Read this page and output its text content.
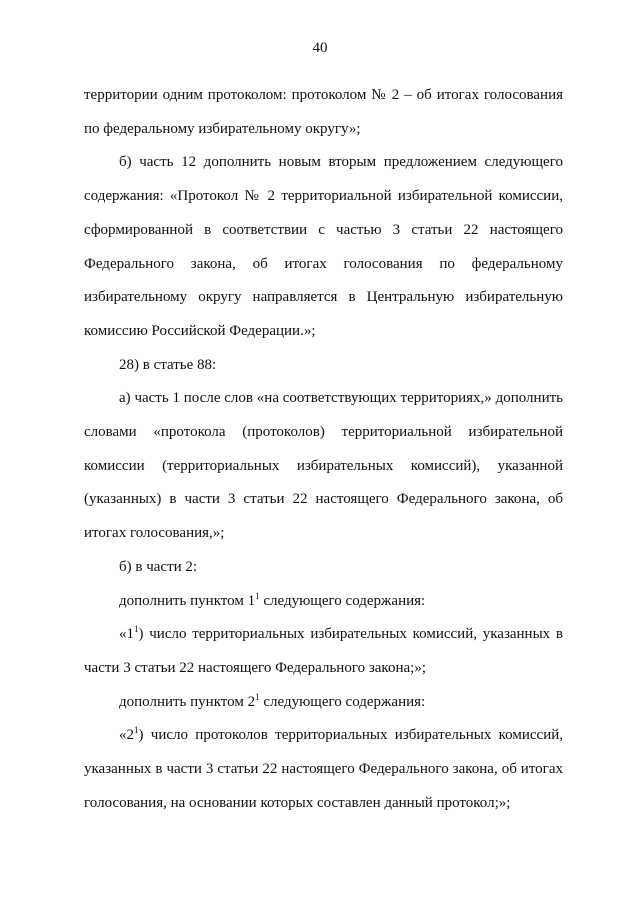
40

территории одним протоколом: протоколом № 2 – об итогах голосования по федеральному избирательному округу»;

б) часть 12 дополнить новым вторым предложением следующего содержания: «Протокол № 2 территориальной избирательной комиссии, сформированной в соответствии с частью 3 статьи 22 настоящего Федерального закона, об итогах голосования по федеральному избирательному округу направляется в Центральную избирательную комиссию Российской Федерации.»;

28) в статье 88:

а) часть 1 после слов «на соответствующих территориях,» дополнить словами «протокола (протоколов) территориальной избирательной комиссии (территориальных избирательных комиссий), указанной (указанных) в части 3 статьи 22 настоящего Федерального закона, об итогах голосования,»;

б) в части 2:

дополнить пунктом $1^1$ следующего содержания:

«$1^1$) число территориальных избирательных комиссий, указанных в части 3 статьи 22 настоящего Федерального закона;»;

дополнить пунктом $2^1$ следующего содержания:

«$2^1$) число протоколов территориальных избирательных комиссий, указанных в части 3 статьи 22 настоящего Федерального закона, об итогах голосования, на основании которых составлен данный протокол;»;
